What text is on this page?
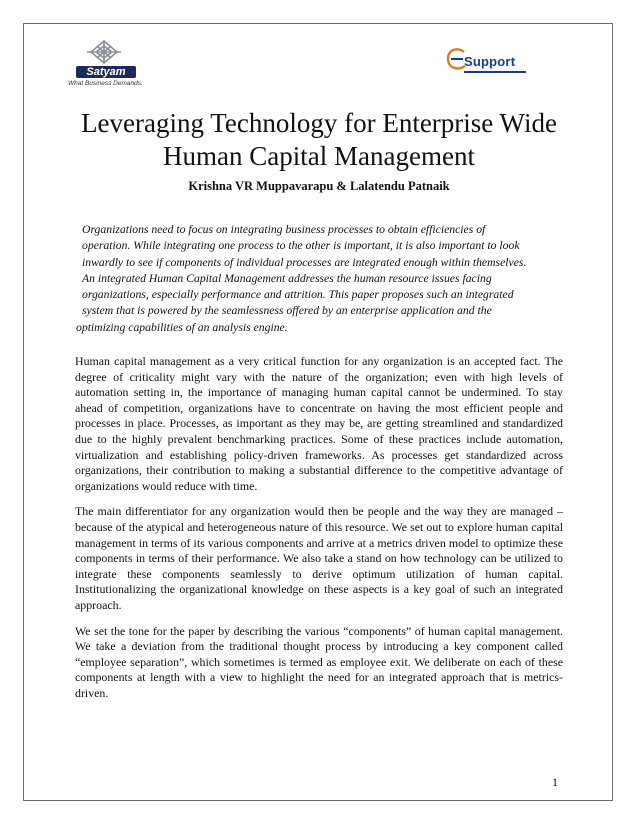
Satyam
What Business Demands.
Support
Leveraging Technology for Enterprise Wide
Human Capital Management
Krishna VR Muppavarapu & Lalatendu Patnaik
Organizations need to focus on integrating business processes to obtain efficiencies of
operation. While integrating one process to the other is important, it is also important to look
inwardly to see if components of individual processes are integrated enough within themselves.
An integrated Human Capital Management addresses the human resource issues facing
organizations, especially performance and attrition. This paper proposes such an integrated
system that is powered by the seamlessness offered by an enterprise application and the
optimizing capabilities of an analysis engine.

Human capital management as a very critical function for any organization is an accepted fact. The degree of criticality might vary with the nature of the organization; even with high levels of automation setting in, the importance of managing human capital cannot be undermined. To stay ahead of competition, organizations have to concentrate on having the most efficient people and processes in place. Processes, as important as they may be, are getting streamlined and standardized due to the highly prevalent benchmarking practices. Some of these practices include automation, virtualization and establishing policy-driven frameworks. As processes get standardized across organizations, their contribution to making a substantial difference to the competitive advantage of organizations would reduce with time.

The main differentiator for any organization would then be people and the way they are managed – because of the atypical and heterogeneous nature of this resource. We set out to explore human capital management in terms of its various components and arrive at a metrics driven model to optimize these components in terms of their performance. We also take a stand on how technology can be utilized to integrate these components seamlessly to derive optimum utilization of human capital. Institutionalizing the organizational knowledge on these aspects is a key goal of such an integrated approach.

We set the tone for the paper by describing the various “components” of human capital management. We take a deviation from the traditional thought process by introducing a key component called “employee separation”, which sometimes is termed as employee exit. We deliberate on each of these components at length with a view to highlight the need for an integrated approach that is metrics-driven.

1
